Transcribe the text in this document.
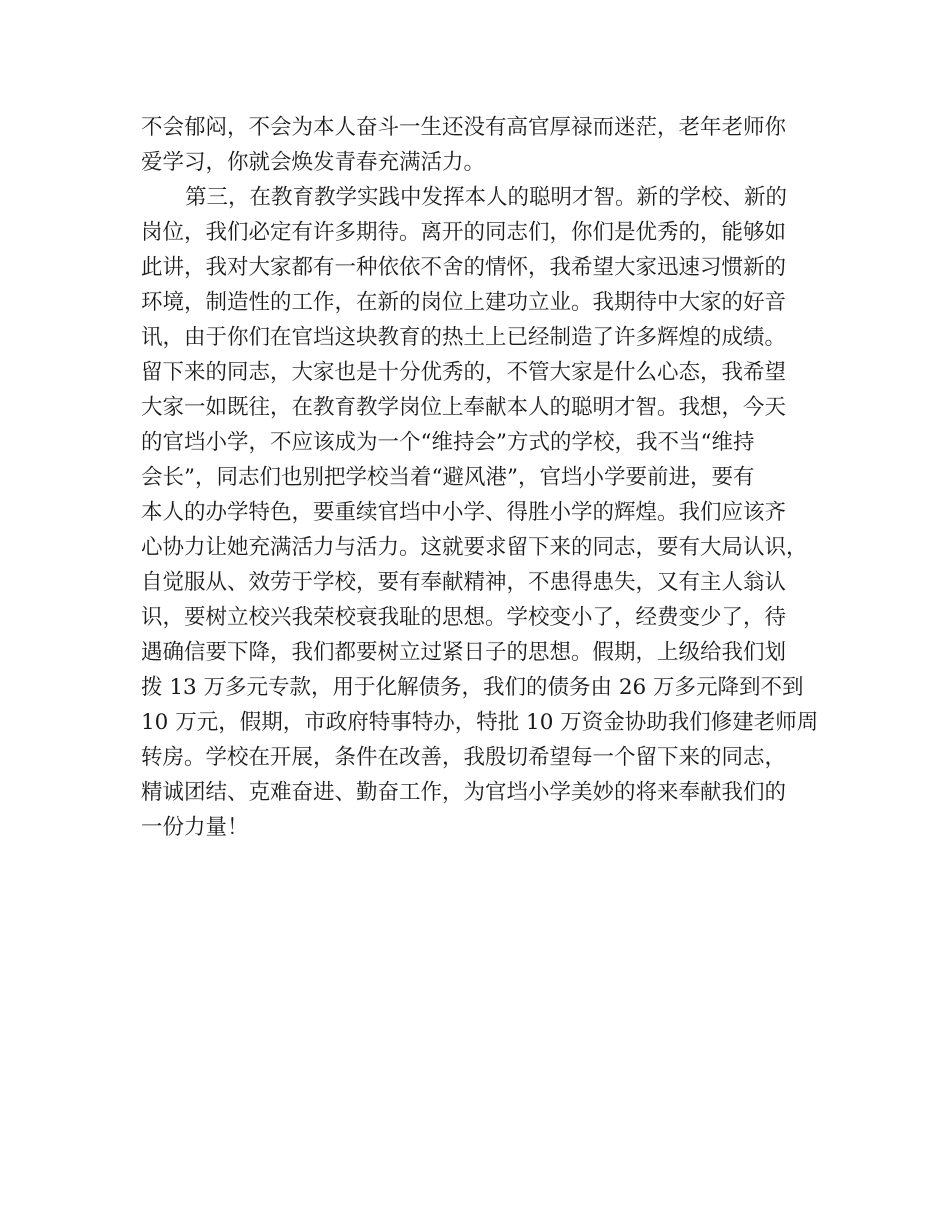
不会郁闷，不会为本人奋斗一生还没有高官厚禄而迷茫，老年老师你
爱学习，你就会焕发青春充满活力。
第三，在教育教学实践中发挥本人的聪明才智。新的学校、新的
岗位，我们必定有许多期待。离开的同志们，你们是优秀的，能够如
此讲，我对大家都有一种依依不舍的情怀，我希望大家迅速习惯新的
环境，制造性的工作，在新的岗位上建功立业。我期待中大家的好音
讯，由于你们在官垱这块教育的热土上已经制造了许多辉煌的成绩。
留下来的同志，大家也是十分优秀的，不管大家是什么心态，我希望
大家一如既往，在教育教学岗位上奉献本人的聪明才智。我想，今天
的官垱小学，不应该成为一个“维持会”方式的学校，我不当“维持
会长”，同志们也别把学校当着“避风港”，官垱小学要前进，要有
本人的办学特色，要重续官垱中小学、得胜小学的辉煌。我们应该齐
心协力让她充满活力与活力。这就要求留下来的同志，要有大局认识，
自觉服从、效劳于学校，要有奉献精神，不患得患失，又有主人翁认
识，要树立校兴我荣校衰我耻的思想。学校变小了，经费变少了，待
遇确信要下降，我们都要树立过紧日子的思想。假期，上级给我们划
拨 13 万多元专款，用于化解债务，我们的债务由 26 万多元降到不到
10 万元，假期，市政府特事特办，特批 10 万资金协助我们修建老师周
转房。学校在开展，条件在改善，我殷切希望每一个留下来的同志，
精诚团结、克难奋进、勤奋工作，为官垱小学美妙的将来奉献我们的
一份力量！
